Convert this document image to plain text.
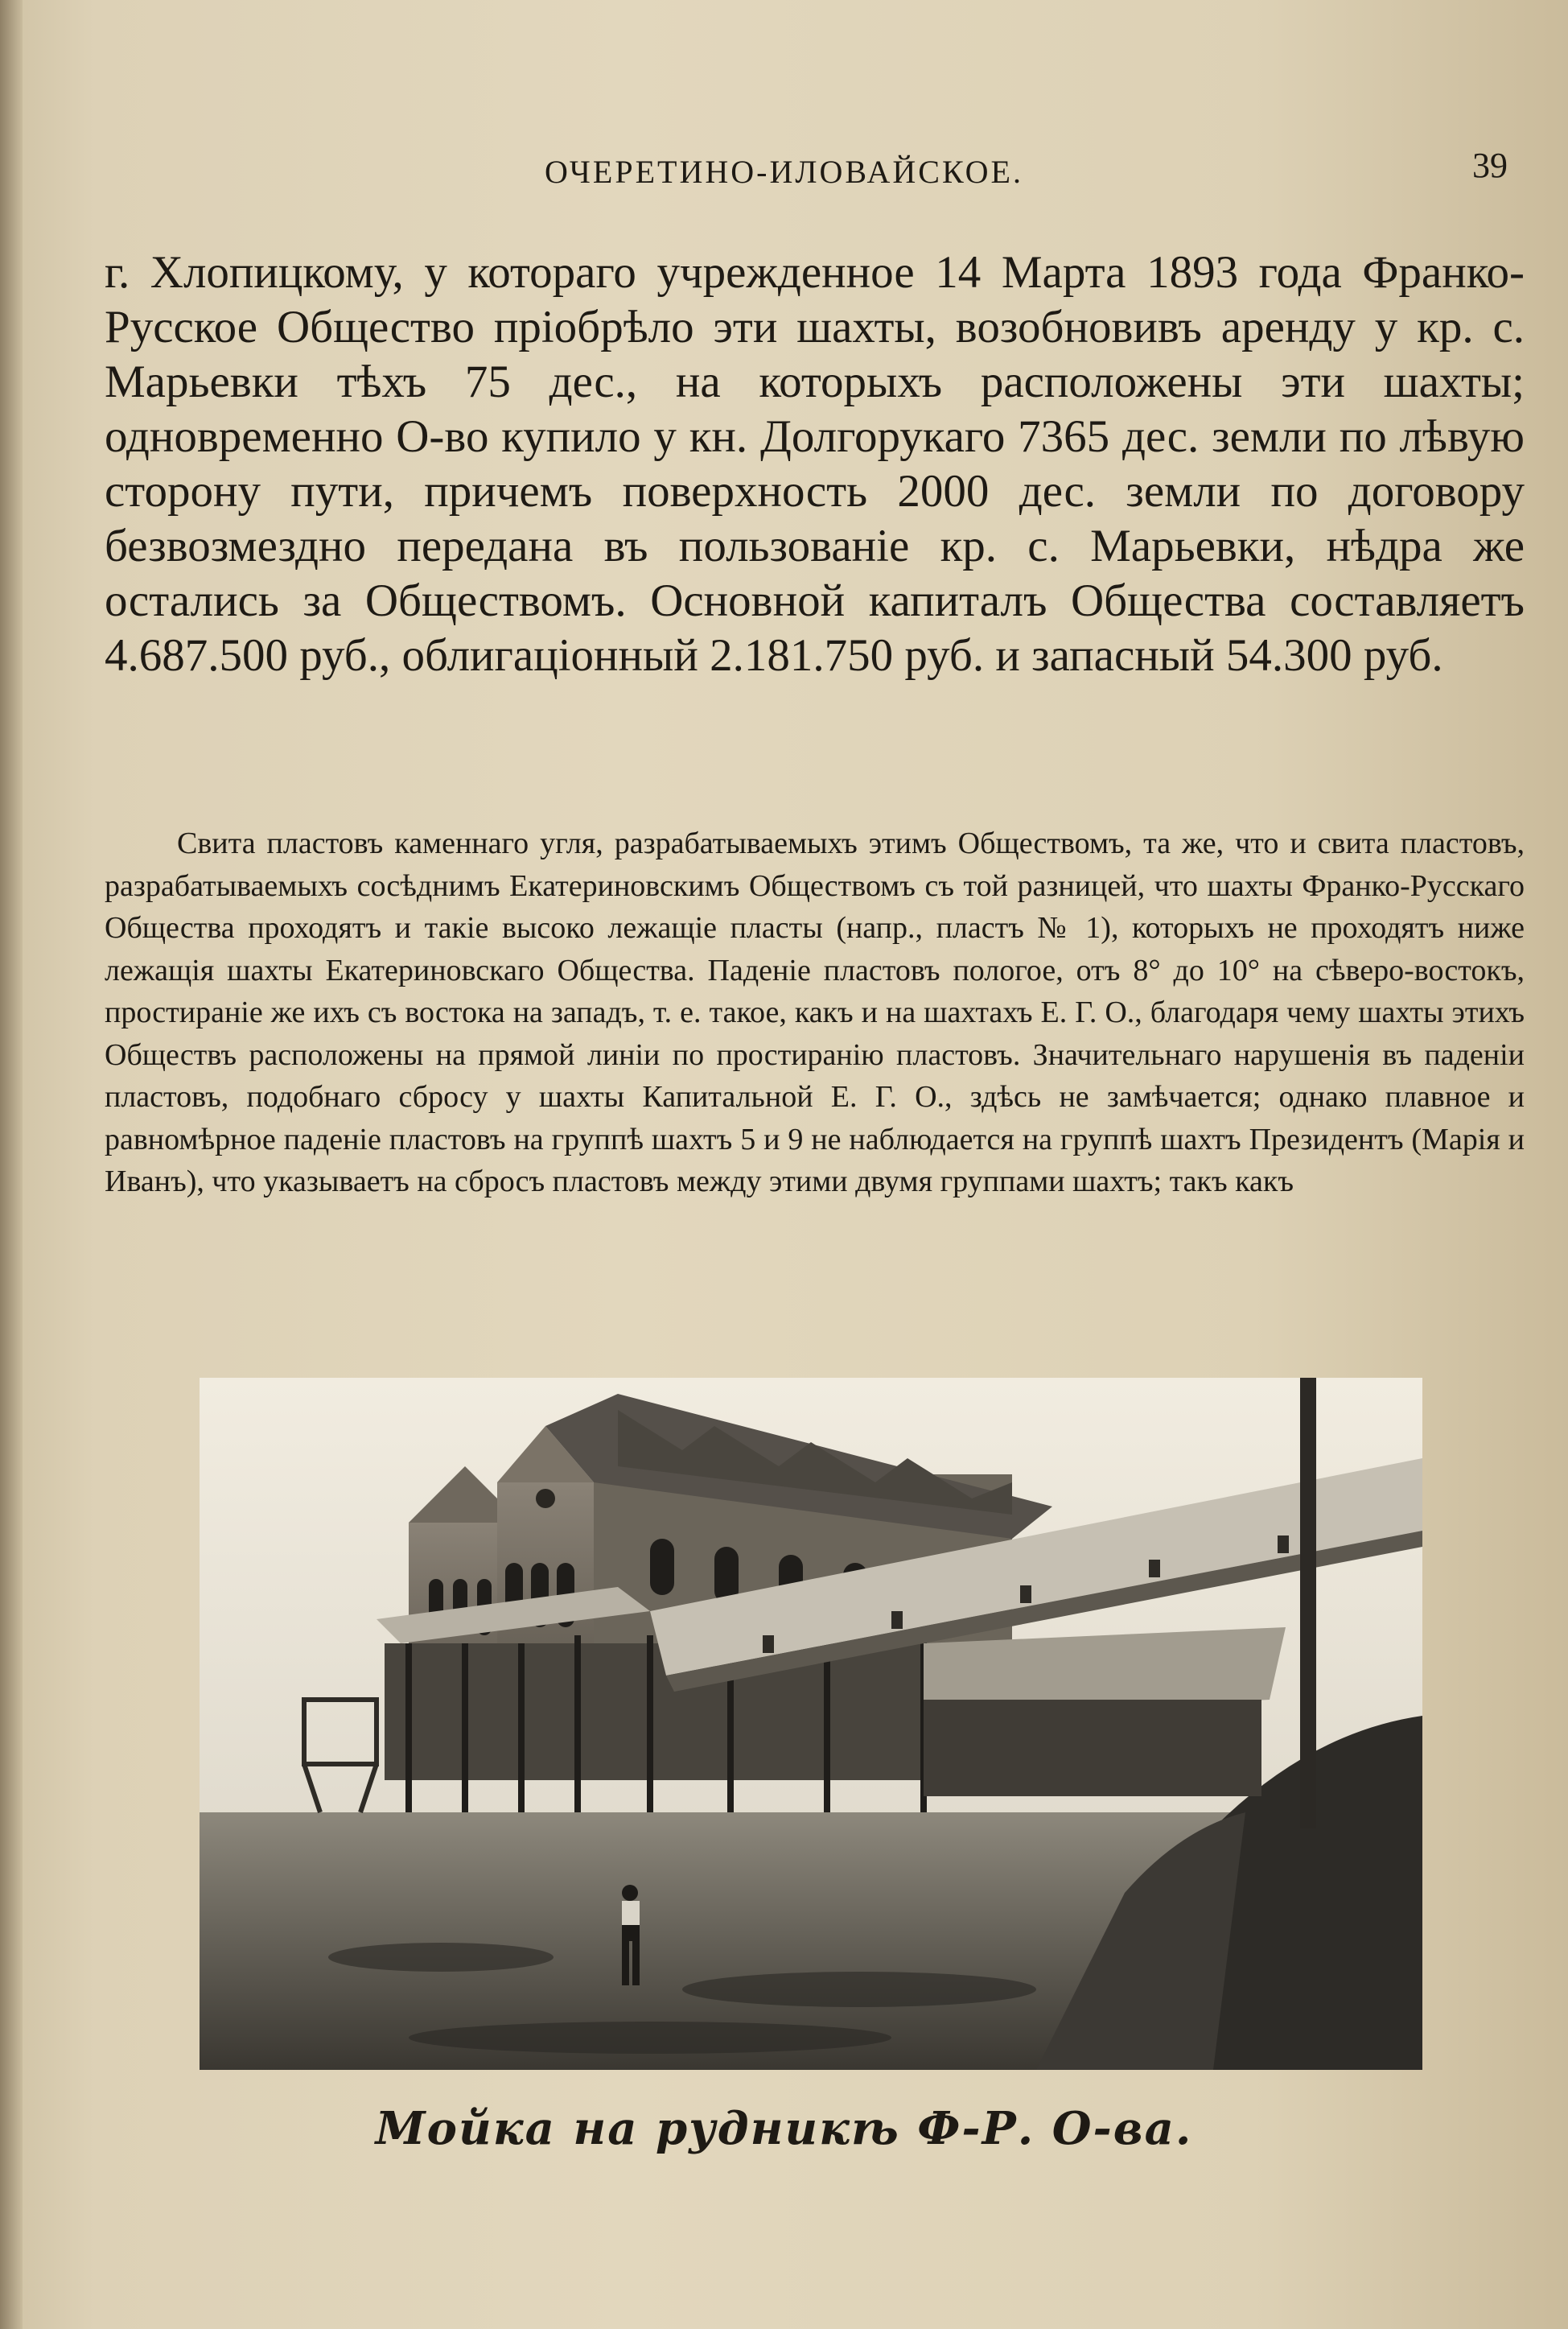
ОЧЕРЕТИНО-ИЛОВАЙСКОЕ.	39

г. Хлопицкому, у котораго учрежденное 14 Марта 1893 года Франко-Русское Общество пріобрѣло эти шахты, возобновивъ аренду у кр. с. Марьевки тѣхъ 75 дес., на которыхъ расположены эти шахты; одновременно О-во купило у кн. Долгорукаго 7365 дес. земли по лѣвую сторону пути, причемъ поверхность 2000 дес. земли по договору безвозмездно передана въ пользованіе кр. с. Марьевки, нѣдра же остались за Обществомъ. Основной капиталъ Общества составляетъ 4.687.500 руб., облигаціонный 2.181.750 руб. и запасный 54.300 руб.

Свита пластовъ каменнаго угля, разрабатываемыхъ этимъ Обществомъ, та же, что и свита пластовъ, разрабатываемыхъ сосѣднимъ Екатериновскимъ Обществомъ съ той разницей, что шахты Франко-Русскаго Общества проходятъ и такіе высоко лежащіе пласты (напр., пластъ № 1), которыхъ не проходятъ ниже лежащія шахты Екатериновскаго Общества. Паденіе пластовъ пологое, отъ 8° до 10° на сѣверо-востокъ, простираніе же ихъ съ востока на западъ, т. е. такое, какъ и на шахтахъ Е. Г. О., благодаря чему шахты этихъ Обществъ расположены на прямой линіи по простиранію пластовъ. Значительнаго нарушенія въ паденіи пластовъ, подобнаго сбросу у шахты Капитальной Е. Г. О., здѣсь не замѣчается; однако плавное и равномѣрное паденіе пластовъ на группѣ шахтъ 5 и 9 не наблюдается на группѣ шахтъ Президентъ (Марія и Иванъ), что указываетъ на сбросъ пластовъ между этими двумя группами шахтъ; такъ какъ

Мойка на рудникѣ Ф-Р. О-ва.
